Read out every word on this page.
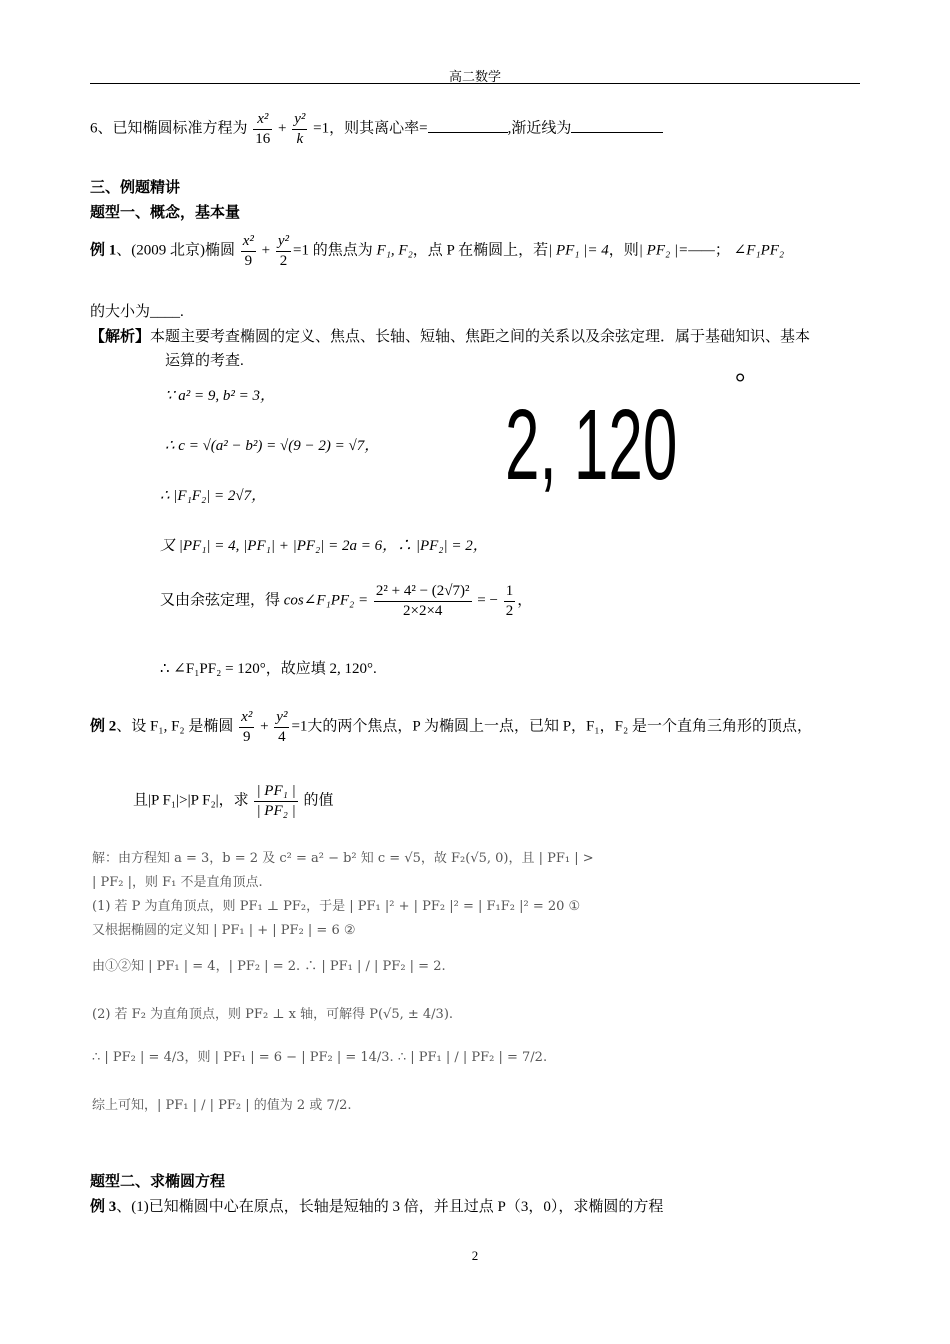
高二数学
6、已知椭圆标准方程为 $\frac{\text{x²}}{16} + \frac{\text{y²}}{k} =1$，则其离心率=	,渐近线为
三、例题精讲
题型一、概念，基本量
例 1、(2009 北京)椭圆 $\frac{\text{x²}}{9} + \frac{\text{y²}}{2} =1$ 的焦点为 F₁, F₂，点 P 在椭圆上，若| PF₁ |= 4，则| PF₂ |=——； ∠F₁PF₂
的大小为____.
【解析】本题主要考查椭圆的定义、焦点、长轴、短轴、焦距之间的关系以及余弦定理．属于基础知识、基本
运算的考查.
∵ a² = 9, b² = 3，
∴ c = √(a² − b²) = √(9 − 2) = √7，
∴ |F₁F₂| = 2√7，
又 |PF₁| = 4, |PF₁| + |PF₂| = 2a = 6，∴ |PF₂| = 2，
又由余弦定理，得 cos∠F₁PF₂ = $\frac{\text{2² + 4² − (2√7)²}}{2\times 2\times 4}$ = − $\frac{1}{2}$ ，
∴ ∠F₁PF₂ = 120°，故应填 2, 120°.
2, 120
°
例 2、设 F₁, F₂ 是椭圆 $\frac{\text{x²}}{9} + \frac{\text{y²}}{4} =1$大的两个焦点，P 为椭圆上一点，已知 P，F₁，F₂ 是一个直角三角形的顶点，
且|P F₁|>|P F₂|，求 $\frac{\text{| PF₁ |}}{\text{| PF₂ |}}$ 的值
解：由方程知 a = 3，b = 2 及 c² = a² − b² 知 c = √5，故 F₂(√5, 0)，且 | PF₁ | >
| PF₂ |，则 F₁ 不是直角顶点.
(1) 若 P 为直角顶点，则 PF₁ ⊥ PF₂，于是 | PF₁ |² + | PF₂ |² = | F₁F₂ |² = 20 ①
又根据椭圆的定义知 | PF₁ | + | PF₂ | = 6 ②
由①②知 | PF₁ | = 4，| PF₂ | = 2. ∴ | PF₁ | / | PF₂ | = 2.
(2) 若 F₂ 为直角顶点，则 PF₂ ⊥ x 轴，可解得 P(√5, ± 4/3).
∴ | PF₂ | = 4/3，则 | PF₁ | = 6 − | PF₂ | = 14/3. ∴ | PF₁ | / | PF₂ | = 7/2.
综上可知，| PF₁ | / | PF₂ | 的值为 2 或 7/2.
题型二、求椭圆方程
例 3、(1)已知椭圆中心在原点，长轴是短轴的 3 倍，并且过点 P（3，0），求椭圆的方程
2
